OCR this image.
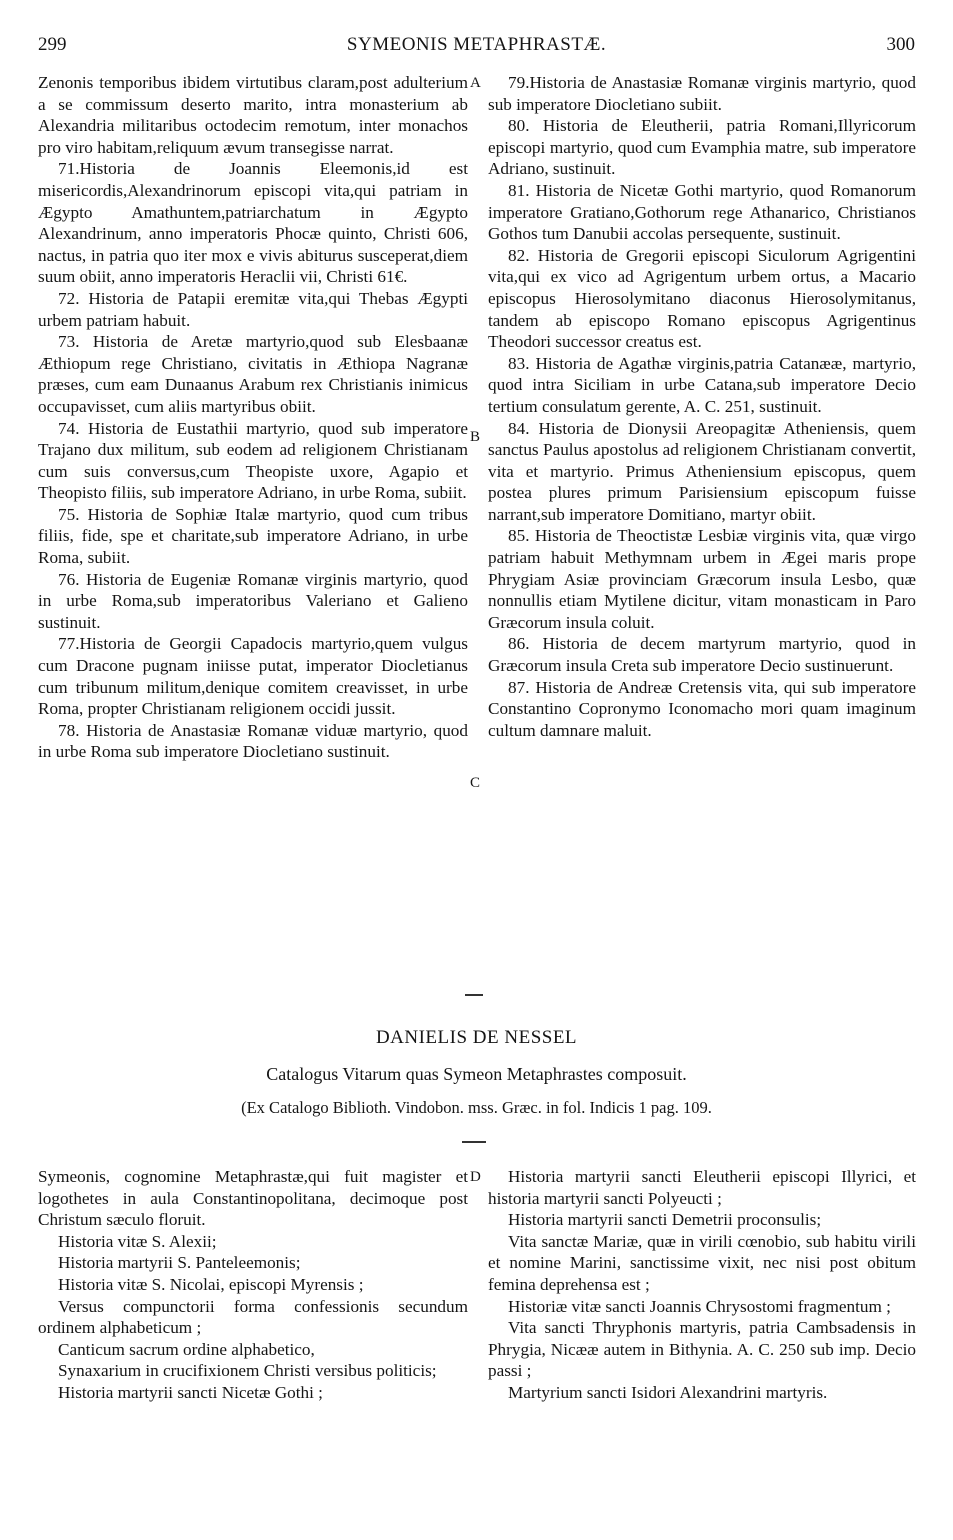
299	SYMEONIS METAPHRASTÆ.	300
A
B
C
D

Zenonis temporibus ibidem virtutibus claram,post adulterium a se commissum deserto marito, intra monasterium ab Alexandria militaribus octodecim remotum, inter monachos pro viro habitam,reliquum ævum transegisse narrat.

71.Historia de Joannis Eleemonis,id est misericordis,Alexandrinorum episcopi vita,qui patriam in Ægypto Amathuntem,patriarchatum in Ægypto Alexandrinum, anno imperatoris Phocæ quinto, Christi 606, nactus, in patria quo iter mox e vivis abiturus susceperat,diem suum obiit, anno imperatoris Heraclii vii, Christi 61€.

72. Historia de Patapii eremitæ vita,qui Thebas Ægypti urbem patriam habuit.

73. Historia de Aretæ martyrio,quod sub Elesbaanæ Æthiopum rege Christiano, civitatis in Æthiopa Nagranæ præses, cum eam Dunaanus Arabum rex Christianis inimicus occupavisset, cum aliis martyribus obiit.

74. Historia de Eustathii martyrio, quod sub imperatore Trajano dux militum, sub eodem ad religionem Christianam cum suis conversus,cum Theopiste uxore, Agapio et Theopisto filiis, sub imperatore Adriano, in urbe Roma, subiit.

75. Historia de Sophiæ Italæ martyrio, quod cum tribus filiis, fide, spe et charitate,sub imperatore Adriano, in urbe Roma, subiit.

76. Historia de Eugeniæ Romanæ virginis martyrio, quod in urbe Roma,sub imperatoribus Valeriano et Galieno sustinuit.

77.Historia de Georgii Capadocis martyrio,quem vulgus cum Dracone pugnam iniisse putat, imperator Diocletianus cum tribunum militum,denique comitem creavisset, in urbe Roma, propter Christianam religionem occidi jussit.

78. Historia de Anastasiæ Romanæ viduæ martyrio, quod in urbe Roma sub imperatore Diocletiano sustinuit.

79.Historia de Anastasiæ Romanæ virginis martyrio, quod sub imperatore Diocletiano subiit.

80. Historia de Eleutherii, patria Romani,Illyricorum episcopi martyrio, quod cum Evamphia matre, sub imperatore Adriano, sustinuit.

81. Historia de Nicetæ Gothi martyrio, quod Romanorum imperatore Gratiano,Gothorum rege Athanarico, Christianos Gothos tum Danubii accolas persequente, sustinuit.

82. Historia de Gregorii episcopi Siculorum Agrigentini vita,qui ex vico ad Agrigentum urbem ortus, a Macario episcopus Hierosolymitano diaconus Hierosolymitanus, tandem ab episcopo Romano episcopus Agrigentinus Theodori successor creatus est.

83. Historia de Agathæ virginis,patria Catanææ, martyrio, quod intra Siciliam in urbe Catana,sub imperatore Decio tertium consulatum gerente, A. C. 251, sustinuit.

84. Historia de Dionysii Areopagitæ Atheniensis, quem sanctus Paulus apostolus ad religionem Christianam convertit, vita et martyrio. Primus Atheniensium episcopus, quem postea plures primum Parisiensium episcopum fuisse narrant,sub imperatore Domitiano, martyr obiit.

85. Historia de Theoctistæ Lesbiæ virginis vita, quæ virgo patriam habuit Methymnam urbem in Ægei maris prope Phrygiam Asiæ provinciam Græcorum insula Lesbo, quæ nonnullis etiam Mytilene dicitur, vitam monasticam in Paro Græcorum insula coluit.

86. Historia de decem martyrum martyrio, quod in Græcorum insula Creta sub imperatore Decio sustinuerunt.

87. Historia de Andreæ Cretensis vita, qui sub imperatore Constantino Copronymo Iconomacho mori quam imaginum cultum damnare maluit.

DANIELIS DE NESSEL
Catalogus Vitarum quas Symeon Metaphrastes composuit.
(Ex Catalogo Biblioth. Vindobon. mss. Græc. in fol. Indicis 1 pag. 109.

Symeonis, cognomine Metaphrastæ,qui fuit magister et logothetes in aula Constantinopolitana, decimoque post Christum sæculo floruit.

Historia vitæ S. Alexii;

Historia martyrii S. Panteleemonis;

Historia vitæ S. Nicolai, episcopi Myrensis ;

Versus compunctorii forma confessionis secundum ordinem alphabeticum ;

Canticum sacrum ordine alphabetico,

Synaxarium in crucifixionem Christi versibus politicis;

Historia martyrii sancti Nicetæ Gothi ;

Historia martyrii sancti Eleutherii episcopi Illyrici, et historia martyrii sancti Polyeucti ;

Historia martyrii sancti Demetrii proconsulis;

Vita sanctæ Mariæ, quæ in virili cœnobio, sub habitu virili et nomine Marini, sanctissime vixit, nec nisi post obitum femina deprehensa est ;

Historiæ vitæ sancti Joannis Chrysostomi fragmentum ;

Vita sancti Thryphonis martyris, patria Cambsadensis in Phrygia, Nicææ autem in Bithynia. A. C. 250 sub imp. Decio passi ;

Martyrium sancti Isidori Alexandrini martyris.
